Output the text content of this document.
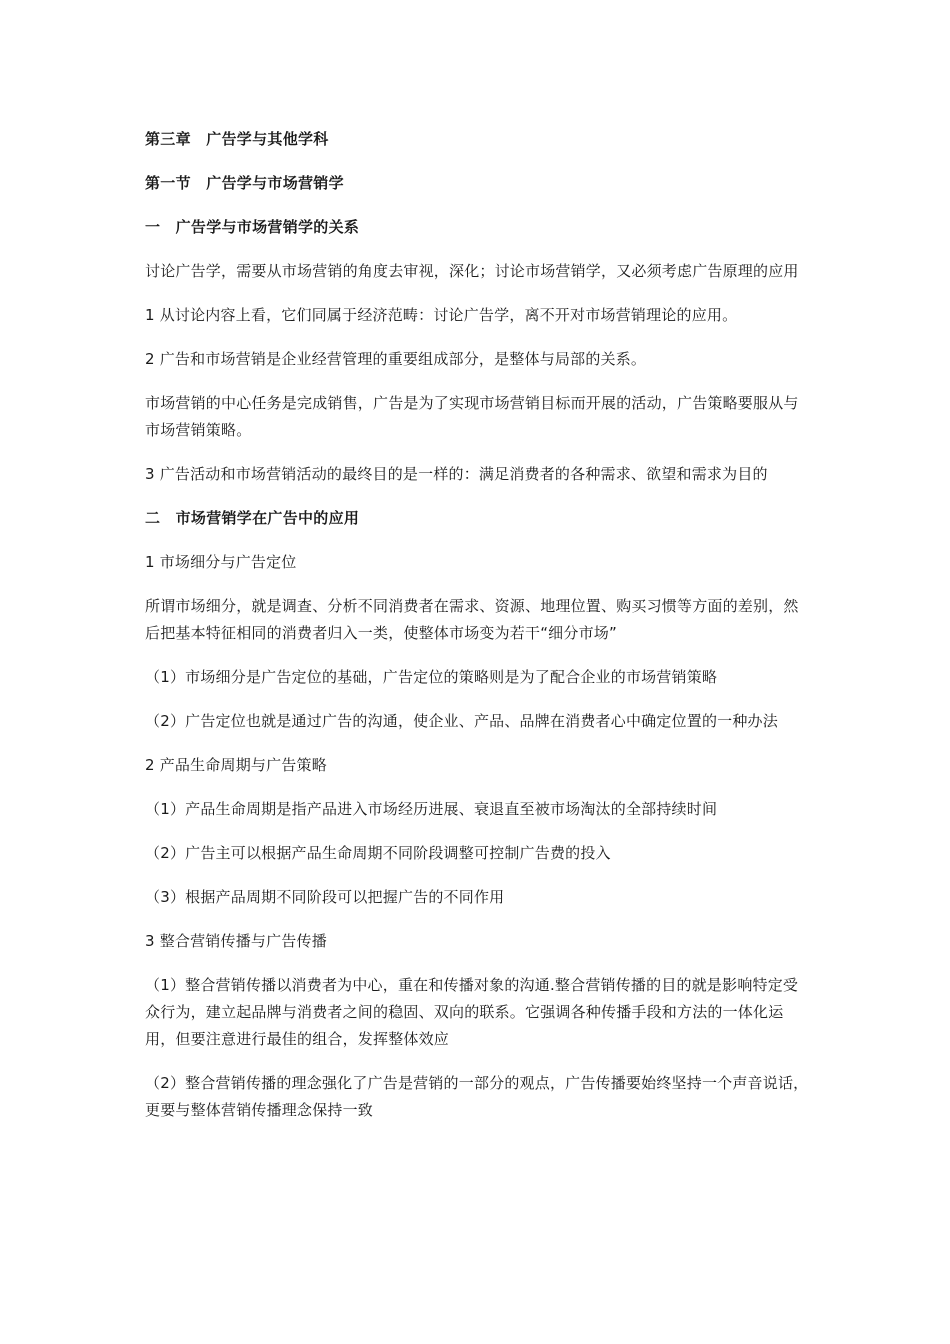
第三章　广告学与其他学科
第一节　广告学与市场营销学
一　广告学与市场营销学的关系
讨论广告学，需要从市场营销的角度去审视，深化；讨论市场营销学，又必须考虑广告原理的应用
1 从讨论内容上看，它们同属于经济范畴：讨论广告学，离不开对市场营销理论的应用。
2 广告和市场营销是企业经营管理的重要组成部分，是整体与局部的关系。
市场营销的中心任务是完成销售，广告是为了实现市场营销目标而开展的活动，广告策略要服从与市场营销策略。
3 广告活动和市场营销活动的最终目的是一样的：满足消费者的各种需求、欲望和需求为目的
二　市场营销学在广告中的应用
1 市场细分与广告定位
所谓市场细分，就是调查、分析不同消费者在需求、资源、地理位置、购买习惯等方面的差别，然后把基本特征相同的消费者归入一类，使整体市场变为若干“细分市场”
（1）市场细分是广告定位的基础，广告定位的策略则是为了配合企业的市场营销策略
（2）广告定位也就是通过广告的沟通，使企业、产品、品牌在消费者心中确定位置的一种办法
2 产品生命周期与广告策略
（1）产品生命周期是指产品进入市场经历进展、衰退直至被市场淘汰的全部持续时间
（2）广告主可以根据产品生命周期不同阶段调整可控制广告费的投入
（3）根据产品周期不同阶段可以把握广告的不同作用
3 整合营销传播与广告传播
（1）整合营销传播以消费者为中心，重在和传播对象的沟通.整合营销传播的目的就是影响特定受众行为，建立起品牌与消费者之间的稳固、双向的联系。它强调各种传播手段和方法的一体化运用，但要注意进行最佳的组合，发挥整体效应
（2）整合营销传播的理念强化了广告是营销的一部分的观点，广告传播要始终坚持一个声音说话，更要与整体营销传播理念保持一致
